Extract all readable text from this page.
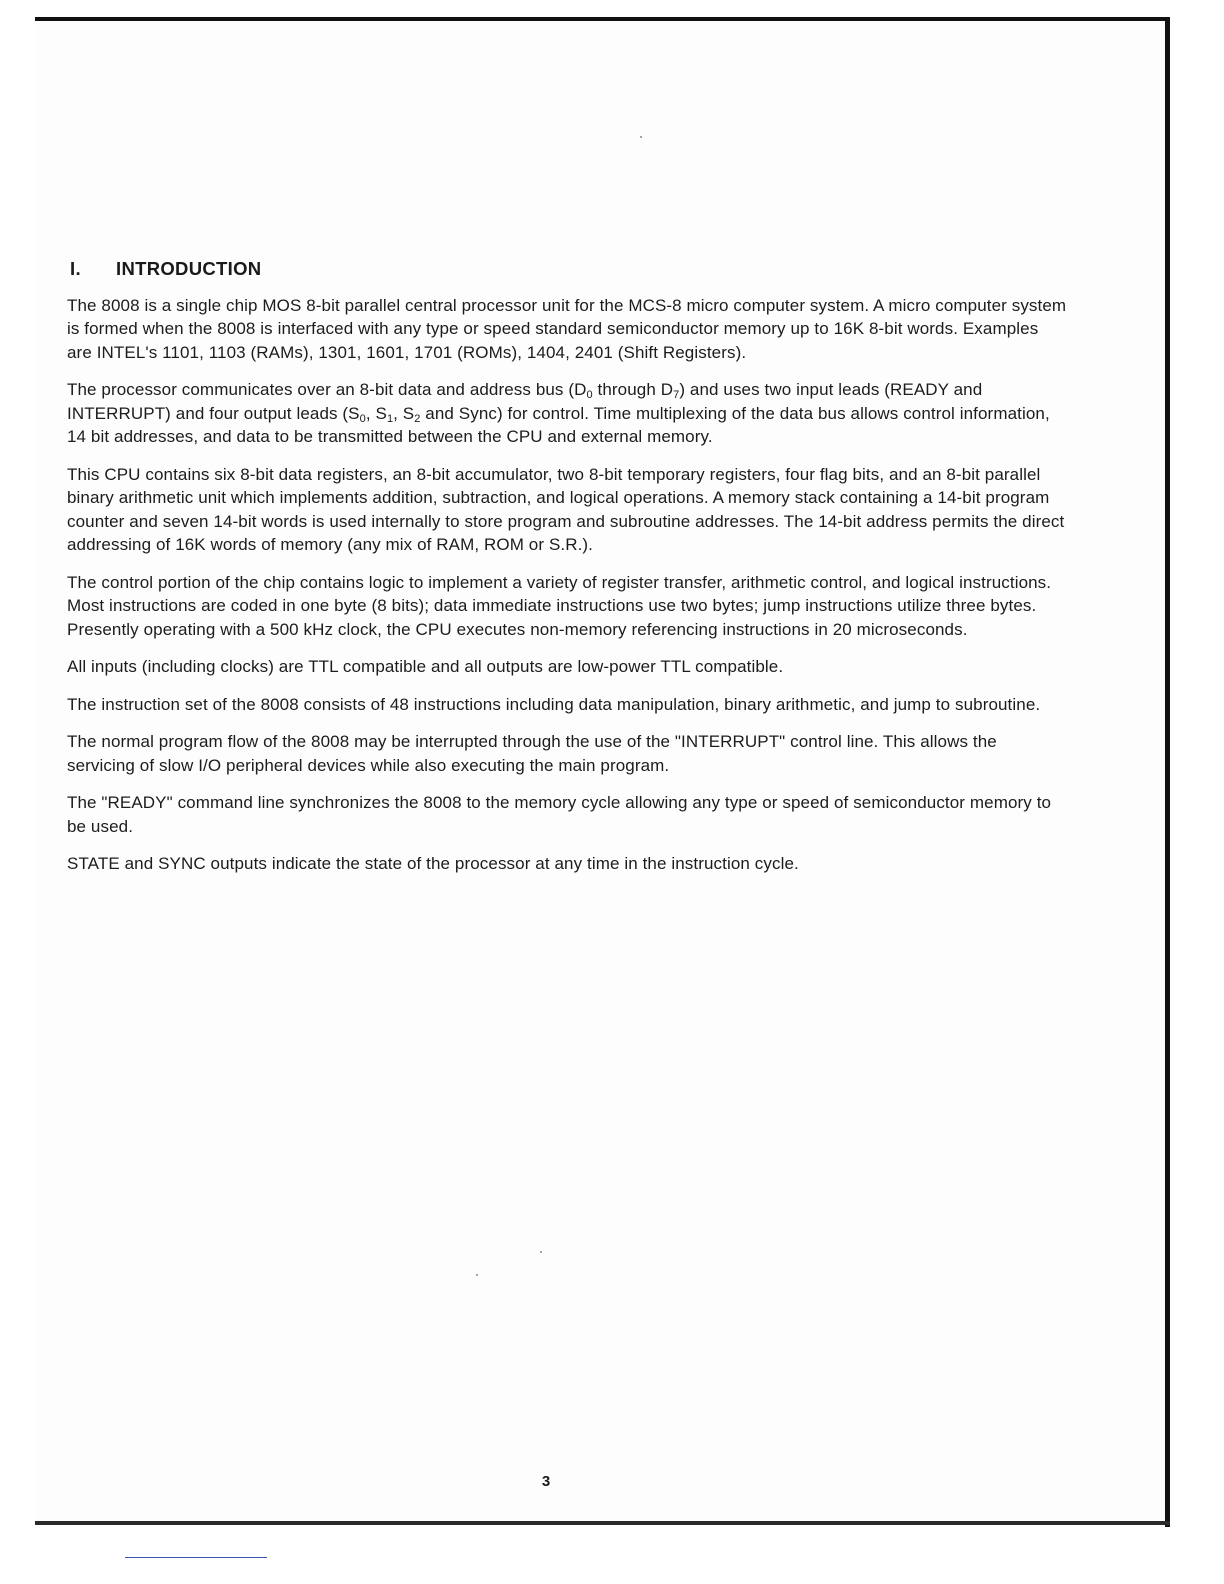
I. INTRODUCTION

The 8008 is a single chip MOS 8-bit parallel central processor unit for the MCS-8 micro computer system. A micro computer system is formed when the 8008 is interfaced with any type or speed standard semiconductor memory up to 16K 8-bit words. Examples are INTEL's 1101, 1103 (RAMs), 1301, 1601, 1701 (ROMs), 1404, 2401 (Shift Registers).

The processor communicates over an 8-bit data and address bus ($D_0$ through $D_7$) and uses two input leads (READY and INTERRUPT) and four output leads ($S_0$, $S_1$, $S_2$ and Sync) for control. Time multiplexing of the data bus allows control information, 14 bit addresses, and data to be transmitted between the CPU and external memory.

This CPU contains six 8-bit data registers, an 8-bit accumulator, two 8-bit temporary registers, four flag bits, and an 8-bit parallel binary arithmetic unit which implements addition, subtraction, and logical operations. A memory stack containing a 14-bit program counter and seven 14-bit words is used internally to store program and subroutine addresses. The 14-bit address permits the direct addressing of 16K words of memory (any mix of RAM, ROM or S.R.).

The control portion of the chip contains logic to implement a variety of register transfer, arithmetic control, and logical instructions. Most instructions are coded in one byte (8 bits); data immediate instructions use two bytes; jump instructions utilize three bytes. Presently operating with a 500 kHz clock, the CPU executes non-memory referencing instructions in 20 microseconds.

All inputs (including clocks) are TTL compatible and all outputs are low-power TTL compatible.

The instruction set of the 8008 consists of 48 instructions including data manipulation, binary arithmetic, and jump to subroutine.

The normal program flow of the 8008 may be interrupted through the use of the "INTERRUPT" control line. This allows the servicing of slow I/O peripheral devices while also executing the main program.

The "READY" command line synchronizes the 8008 to the memory cycle allowing any type or speed of semiconductor memory to be used.

STATE and SYNC outputs indicate the state of the processor at any time in the instruction cycle.

3
